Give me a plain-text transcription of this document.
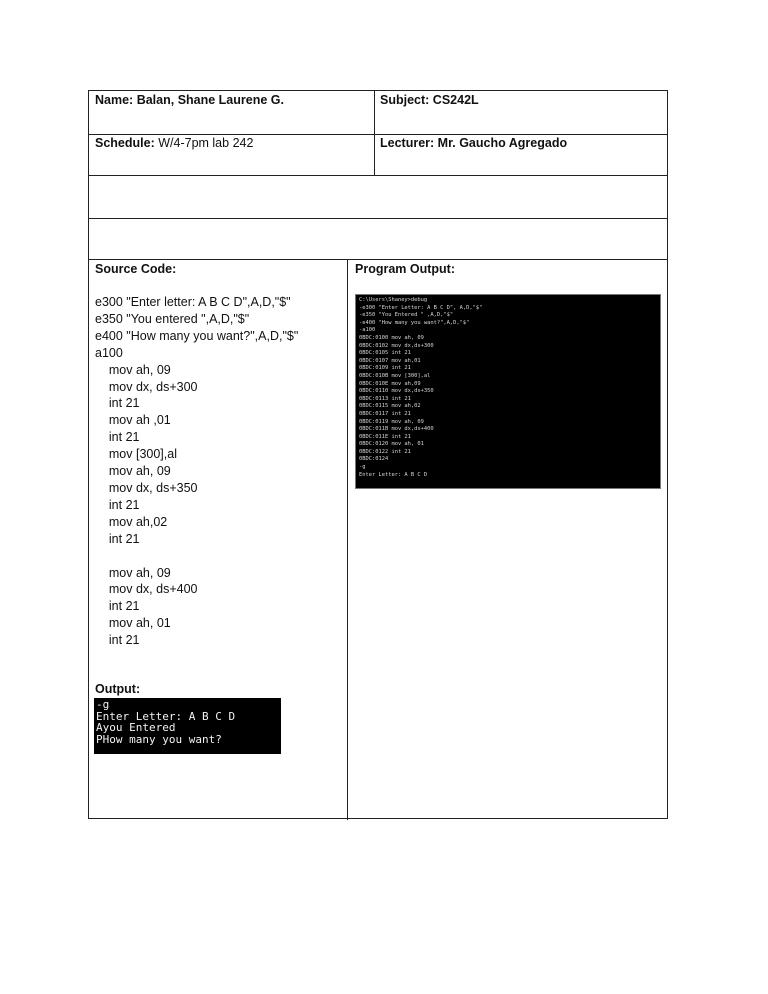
Name: Balan, Shane Laurene G.	Subject: CS242L
Schedule: W/4-7pm lab 242	Lecturer: Mr. Gaucho Agregado
Source Code:
e300 "Enter letter: A B C D",A,D,"$"
e350 "You entered ",A,D,"$"
e400 "How many you want?",A,D,"$"
a100
mov ah, 09
mov dx, ds+300
int 21
mov ah ,01
int 21
mov [300],al
mov ah, 09
mov dx, ds+350
int 21
mov ah,02
int 21

mov ah, 09
mov dx, ds+400
int 21
mov ah, 01
int 21
Output:
-g
Enter Letter: A B C D
Ayou Entered
PHow many you want?
Program Output:
C:\Users\Shaney>debug
-e300 "Enter Letter: A B C D", A,D,"$"
-e350 "You Entered " ,A,D,"$"
-e400 "How many you want?",A,D,"$"
-a100
0BDC:0100 mov ah, 09
0BDC:0102 mov dx,ds+300
0BDC:0105 int 21
0BDC:0107 mov ah,01
0BDC:0109 int 21
0BDC:010B mov [300],al
0BDC:010E mov ah,09
0BDC:0110 mov dx,ds+350
0BDC:0113 int 21
0BDC:0115 mov ah,02
0BDC:0117 int 21
0BDC:0119 mov ah, 09
0BDC:011B mov dx,ds+400
0BDC:011E int 21
0BDC:0120 mov ah, 01
0BDC:0122 int 21
0BDC:0124
-g
Enter Letter: A B C D
